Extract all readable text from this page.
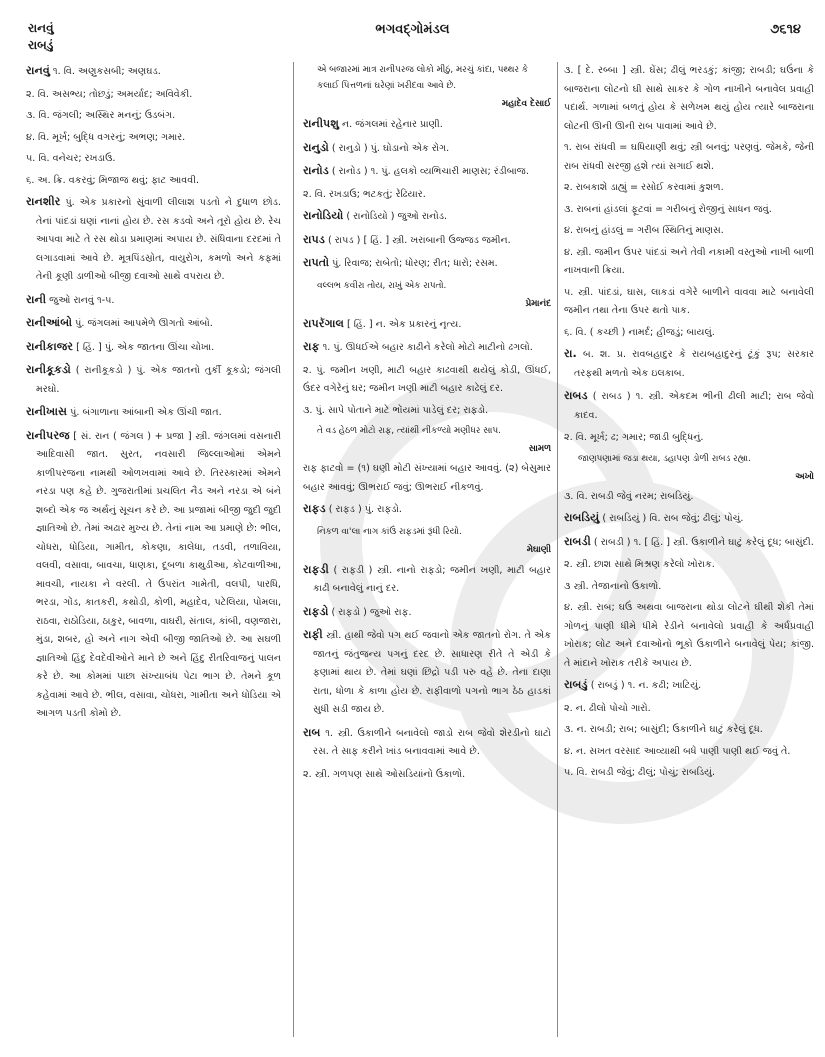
રાનવું
રાબડું
ભગવદ્ગોમંડલ	૭૬૧૪
રાનવું ૧. વિ. અણુકસબી; અણઘડ.
૨. વિ. અસભ્ય; તોછડું; અમર્યાદ; અવિવેકી.
૩. વિ. જંગલી; અસ્થિર મનનું; ઉડબંગ.
૪. વિ. મૂર્ખ; બુદ્ધિ વગરનું; અભણ; ગમાર.
૫. વિ. વનેચર; રખડાઉ.
૬. અ. ક્રિ. વકરવું; મિજાજ થવું; ફાટ આવવી.
રાનશીર પું. એક પ્રકારનો સુંવાળી લીલાશ પડતો ને દુધાળ છોડ. તેનાં પાંદડાં ઘણાં નાનાં હોય છે. રસ કડવો અને તૂરો હોય છે. રેચ આપવા માટે તે રસ થોડા પ્રમાણમાં અપાય છે. સંધિવાના દરદમાં તે લગાડવામાં આવે છે. મૂત્રપિંડસ્રોત, વાયુરોગ, કમળો અને કફમાં તેની કૂણી ડાળીઓ બીજી દવાઓ સાથે વપરાય છે.
રાની જુઓ રાનવું ૧-૫.
રાનીઆંબો પું. જંગલમાં આપમેળે ઊગતો આંબો.
રાનીકાજર [ હિં. ] પું. એક જાતના ઊંચા ચોખા.
રાનીકૂકડો ( રાનીકૂકડો ) પું. એક જાતનો તુર્કી કૂકડો; જંગલી મરઘો.
રાનીખાસ પું. બંગાળાના આંબાની એક ઊંચી જાત.
રાનીપરજ [ સં. રાન ( જંગલ ) + પ્રજા ] સ્ત્રી. જંગલમાં વસનારી આદિવાસી જાત. સુરત, નવસારી જિલ્લાઓમાં એમને કાળીપરજના નામથી ઓળખવામાં આવે છે. તિરસ્કારમાં એમને નરડા પણ કહે છે. ગુજરાતીમાં પ્રચલિત નૈડ અને નરડા એ બંને શબ્દો એક જ અર્થનું સૂચન કરે છે. આ પ્રજામાં બીજી જુદી જુદી જ્ઞાતિઓ છે. તેમાં અઢાર મુખ્ય છે. તેનાં નામ આ પ્રમાણે છે: ભીલ, ચોધરા, ધોડિયા, ગામીત, કોકણા, કાલેધા, તડવી, તળાવિયા, વલવી, વસાવા, બાવચા, ધાણકા, દૂબળા કાથુડીઆ, કોટવાળીઆ, માવચી, નાયકા ને વરલી. તે ઉપરાંત ગામેતી, વલપી, પારધિ, ભરડા, ગોંડ, કાતકરી, કથોડી, કોળી, મહાદેવ, પટેલિયા, પોમલા, રાઠવા, રાઠોડિયા, ઠાકુર, બાવળા, વાઘરી, સંતાલ, કાંબી, વણજારા, મુંડા, શબર, હો અને નાગ એવી બીજી જાતિઓ છે. આ સઘળી જ્ઞાતિઓ હિંદુ દેવદેવીઓને માને છે અને હિંદુ રીતરિવાજનું પાલન કરે છે. આ કોમમાં પાછા સંખ્યાબંધ પેટા ભાગ છે. તેમને કૂળ કહેવામાં આવે છે. ભીલ, વસાવા, ચોધરા, ગામીતા અને ધોડિયા એ આગળ પડતી કોમો છે.
એ બજારમાં માત્ર રાનીપરજ લોકો મીઠું, મરચું કાંદા, પથ્થર કે કલાઈ પિત્તળનાં ઘરેણાં ખરીદવા આવે છે.
મહાદેવ દેસાઈ
રાનીપશુ ન. જંગલમાં રહેનાર પ્રાણી.
રાનુડો ( રાનુડો ) પું. ઘોડાનો એક રોગ.
રાનોડ ( રાનોડ ) ૧. પું. હલકો વ્યભિચારી માણસ; રંડીબાજ.
૨. વિ. રખડાઉ; ભટકતું; રેઢિયાર.
રાનોડિયો ( રાનોડિયો ) જુઓ રાનોડ.
રાપડ ( રાપડ ) [ હિં. ] સ્ત્રી. ખરાબાની ઉજ્જડ જમીન.
રાપતો પું. રિવાજ; રાબેતો; ધોરણ; રીત; ધારો; રસમ.
વલ્લભ કવીરા તોય, રાખું એક રાપતો.
પ્રેમાનંદ
રાપરૅગાલ [ હિં. ] ન. એક પ્રકારનું નૃત્ય.
રાફ ૧. પું. ઊધઈએ બહાર કાઢીને કરેલો મોટો માટીનો ઢગલો.
૨. પું. જમીન ખણી, માટી બહાર કાઢવાથી થયેલું કોડી, ઊંધઈ, ઉંદર વગેરેનું ઘર; જમીન ખણી માટી બહાર કાઢેલું દર.
૩. પું. સાપે પોતાને માટે ભોંયમાં પાડેલું દર; રાફડો.
તે વડ હેઠળ મોટો રાફ, ત્યાંથી નીકળ્યો મણીધર સાપ.
સામળ
રાફ ફાટવો = (૧) ઘણી મોટી સંખ્યામાં બહાર આવવું. (૨) બેસુમાર બહાર આવવું; ઊભરાઈ જવું; ઊભરાઈ નીકળવું.
રાફડ ( રાફડ ) પું. રાફડો.
નિકળ વા'લા નાગ કાંઉં રાફડમાં રૂંધી રિયો.
મેઘાણી
રાફડી ( રાફડી ) સ્ત્રી. નાનો રાફડો; જમીન ખણી, માટી બહાર કાઢી બનાવેલું નાનું દર.
રાફડો ( રાફડો ) જુઓ રાફ.
રાફી સ્ત્રી. હાથી જેવો પગ થઈ જવાનો એક જાતનો રોગ. તે એક જાતનું જંતુજન્ય પગનું દરદ છે. સાધારણ રીતે તે એડી કે ફણામાં થાય છે. તેમાં ઘણાં છિદ્રો પડી પરુ વહે છે. તેના દાણા રાતા, ધોળા કે કાળા હોય છે. રાફીવાળો પગનો ભાગ ઠેઠ હાડકાં સુધી સડી જાય છે.
રાબ ૧. સ્ત્રી. ઉકાળીને બનાવેલો જાડો રાબ જેવો શેરડીનો ઘાટો રસ. તે સાફ કરીને ખાંડ બનાવવામાં આવે છે.
૨. સ્ત્રી. ગળપણ સાથે ઓસડિયાંનો ઉકાળો.
૩. [ દે. રબ્બા ] સ્ત્રી. ઘેંસ; ઢીલું ભરડકું; કાંજી; રાબડી; ઘઉંના કે બાજરાના લોટનો ઘી સાથે સાકર કે ગોળ નાખીને બનાવેલ પ્રવાહી પદાર્થ. ગળામાં બળતું હોય કે સળેખમ થયું હોય ત્યારે બાજરાના લોટની ઊની ઊની રાબ પાવામાં આવે છે.
૧. રાબ રાંધવી = ઘધિયાણી થવું; સ્ત્રી બનવું; પરણવું. જેમકે, જેની રાબ રાંધવી સરજી હશે ત્યાં સગાઈ થશે.
૨. રાબકાશે ડાહ્યું = રસોઈ કરવામાં કુશળ.
૩. રાબનાં હાંડલાં ફૂટવાં = ગરીબનું રોજીનું સાધન જવું.
૪. રાબનું હાંડલું = ગરીબ સ્થિતિનું માણસ.
૪. સ્ત્રી. જમીન ઉપર પાંદડાં અને તેવી નકામી વસ્તુઓ નાખી બાળી નાખવાની ક્રિયા.
૫. સ્ત્રી. પાંદડાં, ઘાસ, લાકડાં વગેરે બાળીને વાવવા માટે બનાવેલી જમીન તથા તેના ઉપર થતો પાક.
૬. વિ. ( કચ્છી ) નામર્દ; હીજડું; બાયલું.
રા. બ. શ. પ્ર. રાવબહાદુર કે રાયબહાદુરનું ટૂંકું રૂપ; સરકાર તરફથી મળતો એક ઇલકાબ.
રાબડ ( રાબડ ) ૧. સ્ત્રી. એકદમ ભીની ઢીલી માટી; રાબ જેવો કાદવ.
૨. વિ. મૂર્ખ; ઢ; ગમાર; જાડી બુદ્ધિનું.
જાણપણામાં જડા થયા, ડહાપણ ડોળી રાબડ રહ્યા.
અખો
૩. વિ. રાબડી જેવું નરમ; રાબડિયું.
રાબડિયું ( રાબડિયું ) વિ. રાબ જેવું; ઢીલું; પોચું.
રાબડી ( રાબડી ) ૧. [ હિં. ] સ્ત્રી. ઉકાળીને ઘાટું કરેલું દૂધ; બાસુંદી.
૨. સ્ત્રી. છાશ સાથે મિશ્રણ કરેલો ખોરાક.
૩ સ્ત્રી. તેજાનાનો ઉકાળો.
૪. સ્ત્રી. રાબ; ઘઉં અથવા બાજરાના થોડા લોટને ઘીથી શેકી તેમાં ગોળનું પાણી ધીમે ધીમે રેડીને બનાવેલો પ્રવાહી કે અર્ધપ્રવાહી ખોરાક; લોટ અને દવાઓનો ભૂકો ઉકાળીને બનાવેલું પેય; કાંજી. તે માંદાને ખોરાક તરીકે અપાય છે.
રાબડું ( રાબડું ) ૧. ન. કઢી; ખાટિયું.
૨. ન. ઢીલો પોચો ગારો.
૩. ન. રાબડી; રાબ; બાસુંદી; ઉકાળીને ઘાટું કરેલું દૂધ.
૪. ન. સખત વરસાદ આવ્યાથી બધે પાણી પાણી થઈ જવું તે.
૫. વિ. રાબડી જેવું; ઢીલું; પોચું; રાબડિયું.
